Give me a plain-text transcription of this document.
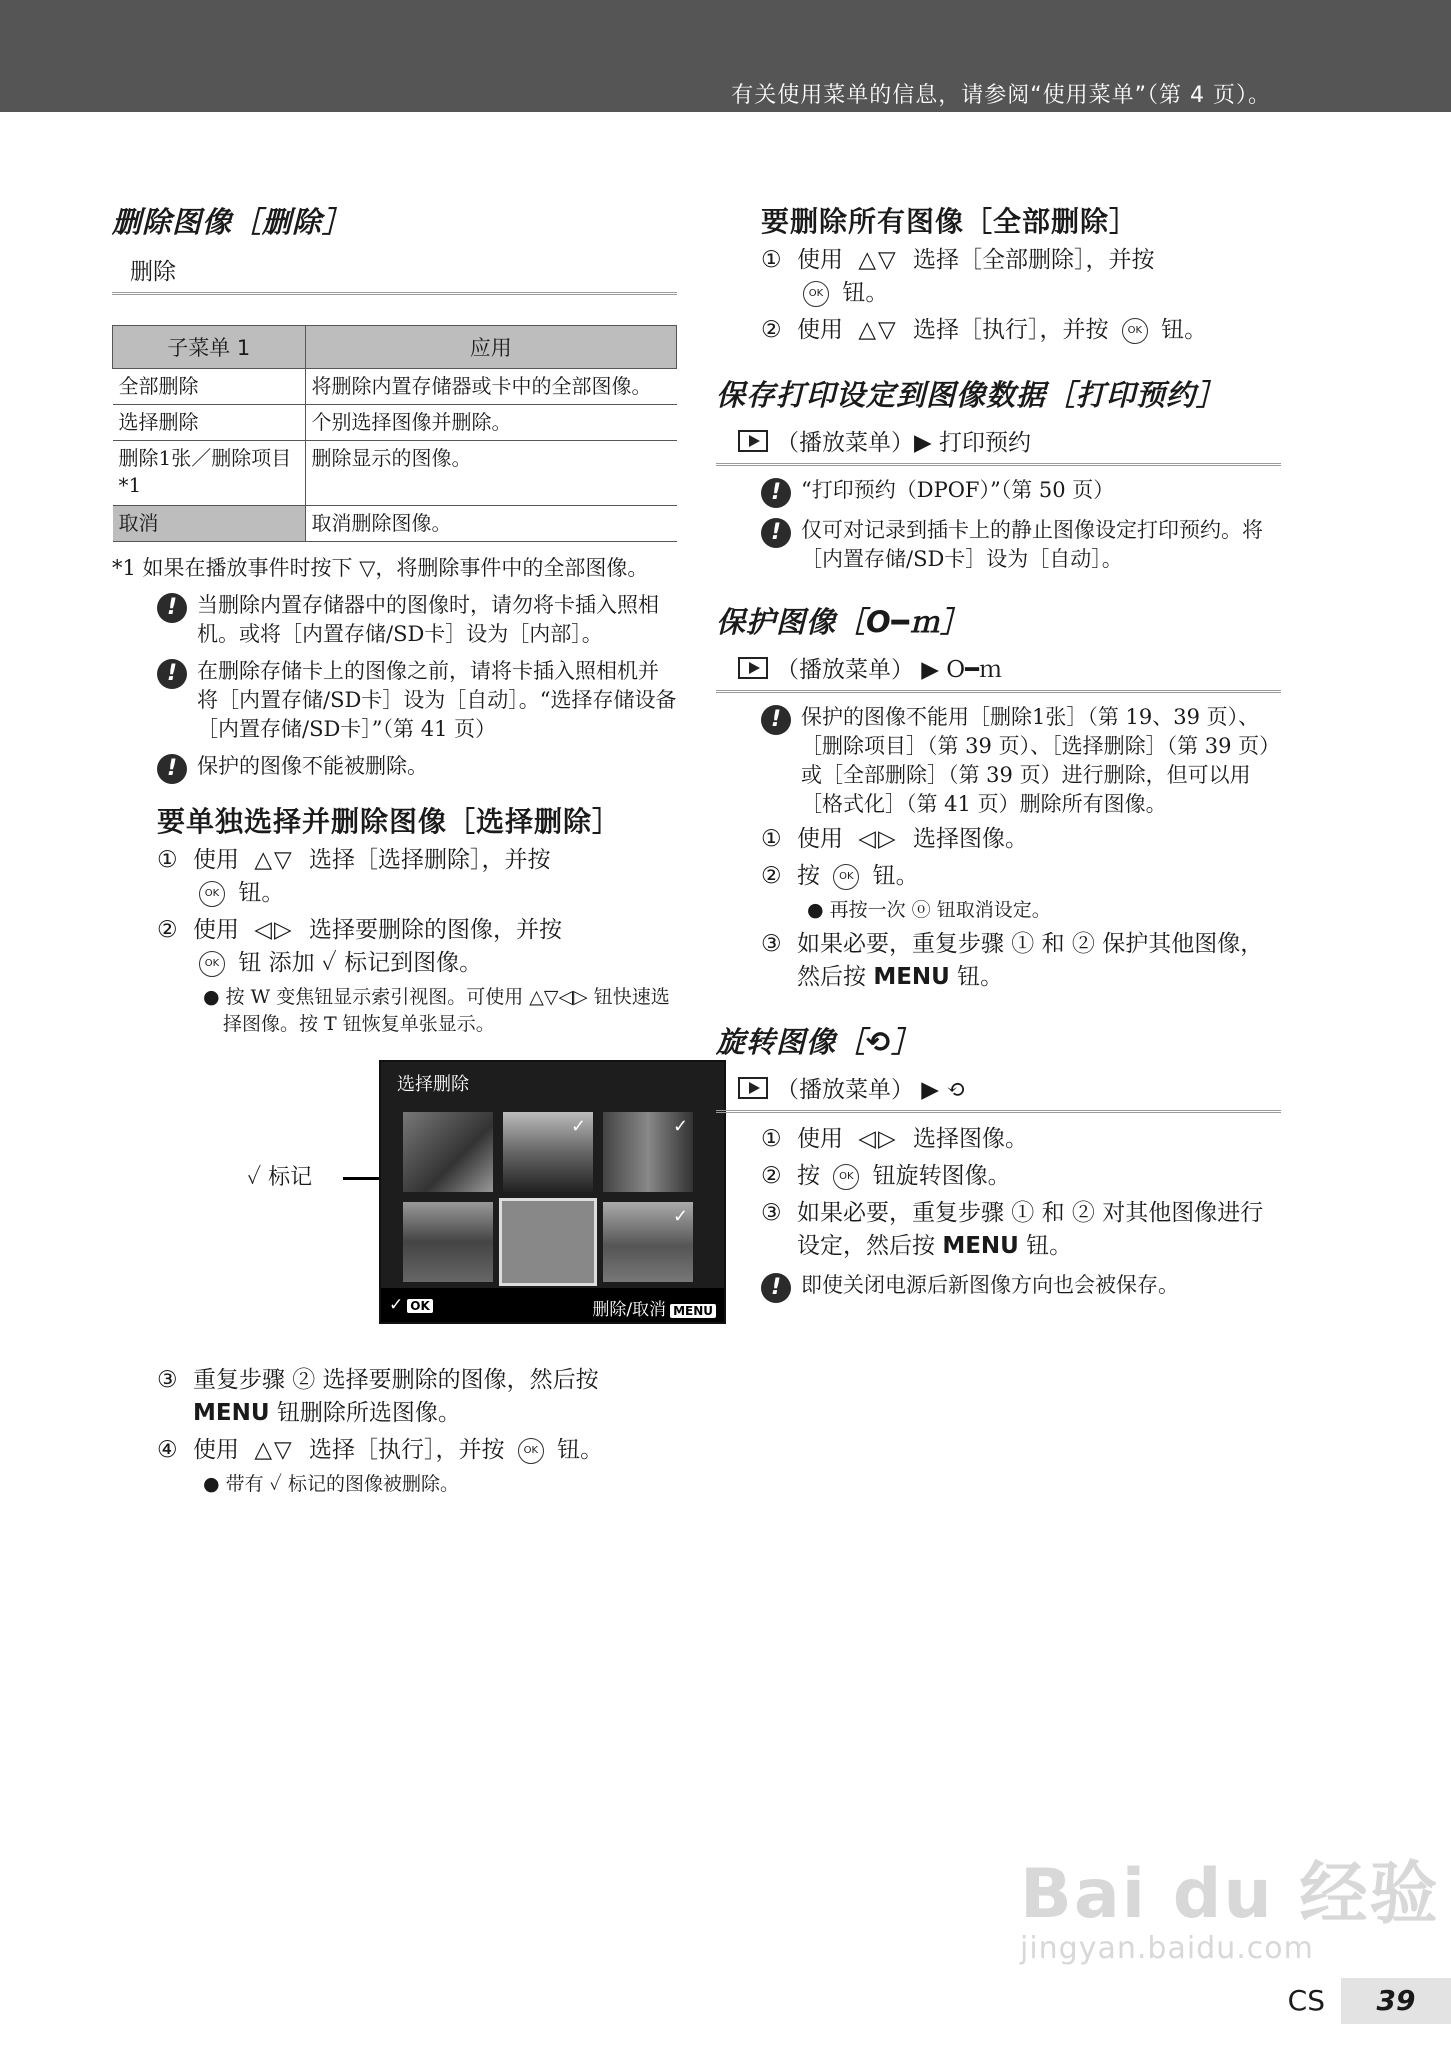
有关使用菜单的信息，请参阅“使用菜单”（第 4 页）。
删除图像［删除］
删除
子菜单 1	应用
全部删除	将删除内置存储器或卡中的全部图像。
选择删除	个别选择图像并删除。
删除1张／删除项目*1	删除显示的图像。
取消	取消删除图像。
*1 如果在播放事件时按下 ▽，将删除事件中的全部图像。
! 当删除内置存储器中的图像时，请勿将卡插入照相机。或将［内置存储/SD卡］设为［内部］。
! 在删除存储卡上的图像之前，请将卡插入照相机并将［内置存储/SD卡］设为［自动］。“选择存储设备［内置存储/SD卡］”（第 41 页）
! 保护的图像不能被删除。
要单独选择并删除图像［选择删除］
① 使用 △▽ 选择［选择删除］，并按
OK 钮。
② 使用 ◁▷ 选择要删除的图像，并按
OK 钮 添加 ✓ 标记到图像。
● 按 W 变焦钮显示索引视图。可使用 △▽◁▷ 钮快速选择图像。按 T 钮恢复单张显示。
✓ 标记
选择删除
✓	✓
✓
✓ OK	删除/取消 MENU
③ 重复步骤 ② 选择要删除的图像，然后按
MENU 钮删除所选图像。
④ 使用 △▽ 选择［执行］，并按 OK 钮。
● 带有 ✓ 标记的图像被删除。
要删除所有图像［全部删除］
① 使用 △▽ 选择［全部删除］，并按
OK 钮。
② 使用 △▽ 选择［执行］，并按 OK 钮。
保存打印设定到图像数据［打印预约］
（播放菜单）▶ 打印预约
! “打印预约（DPOF）”（第 50 页）
! 仅可对记录到插卡上的静止图像设定打印预约。将［内置存储/SD卡］设为［自动］。
保护图像［O━ｍ］
（播放菜单） ▶ O━ｍ
! 保护的图像不能用［删除1张］（第 19、39 页）、［删除项目］（第 39 页）、［选择删除］（第 39 页）或［全部删除］（第 39 页）进行删除，但可以用［格式化］（第 41 页）删除所有图像。
① 使用 ◁▷ 选择图像。
② 按 OK 钮。
● 再按一次 ⓞ 钮取消设定。
③ 如果必要，重复步骤 ① 和 ② 保护其他图像，然后按 MENU 钮。
旋转图像［⟲］
（播放菜单） ▶ ⟲
① 使用 ◁▷ 选择图像。
② 按 OK 钮旋转图像。
③ 如果必要，重复步骤 ① 和 ② 对其他图像进行设定，然后按 MENU 钮。
! 即使关闭电源后新图像方向也会被保存。
Bai du 经验
jingyan.baidu.com
CS	39
